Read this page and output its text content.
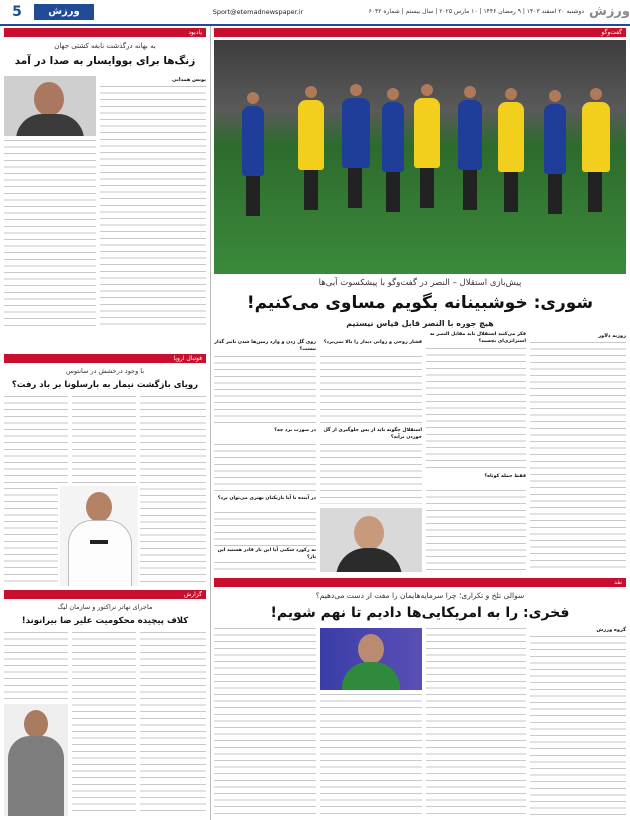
ورزش
دوشنبه ۲۰ اسفند ۱۴۰۳ | ۹ رمضان ۱۴۴۶ | ۱۰ مارس ۲۰۲۵ | سال بیستم | شماره ۶۰۴۲
Sport@etemadnewspaper.ir
ورزش
5
گفت‌و‌گو
پیش‌بازی استقلال – النصر در گفت‌وگو با پیشکسوت آبی‌ها
شوری: خوشبینانه بگویم مساوی می‌کنیم!
هیچ جوره با النصر قابل قیاس نیستیم
روزبه دلاور
فکر می‌کنید استقلال باید مقابل النصر به استراتژی‌ای بچسبد؟
فقط حمله کوتاه؟
فشار روحی و روانی دیدار را بالا نمی‌برد؟
استقلال چگونه باید از پس جلوگیری از گل خوردن برآید؟
روی گل زدن و وارد زمین‌ها شدن تاثیر گذار نیست؟
در صورت برد چه؟
در آینده با آیا بازیکنان بهتری می‌توان برد؟
به رکورد شکنی آیا این بار قادر هستید این بار؟
نقد
سوالی تلخ و تکراری؛ چرا سرمایه‌هایمان را مفت از دست می‌دهیم؟
فخری: را به امریکایی‌ها دادیم تا نهم شویم!
گروه ورزش
یادبود
به بهانه درگذشت نابغه کشتی جهان
زنگ‌ها برای بووایسار به صدا در آمد
یونس همدانی
فوتبال اروپا
با وجود درخشش در سانتوس
رویای بازگشت نیمار به بارسلونا بر باد رفت؟
گزارش
ماجرای تهاتر تراکتور و سازمان لیگ
کلاف پیچیده محکومیت علیر ضا بیرانوند!
